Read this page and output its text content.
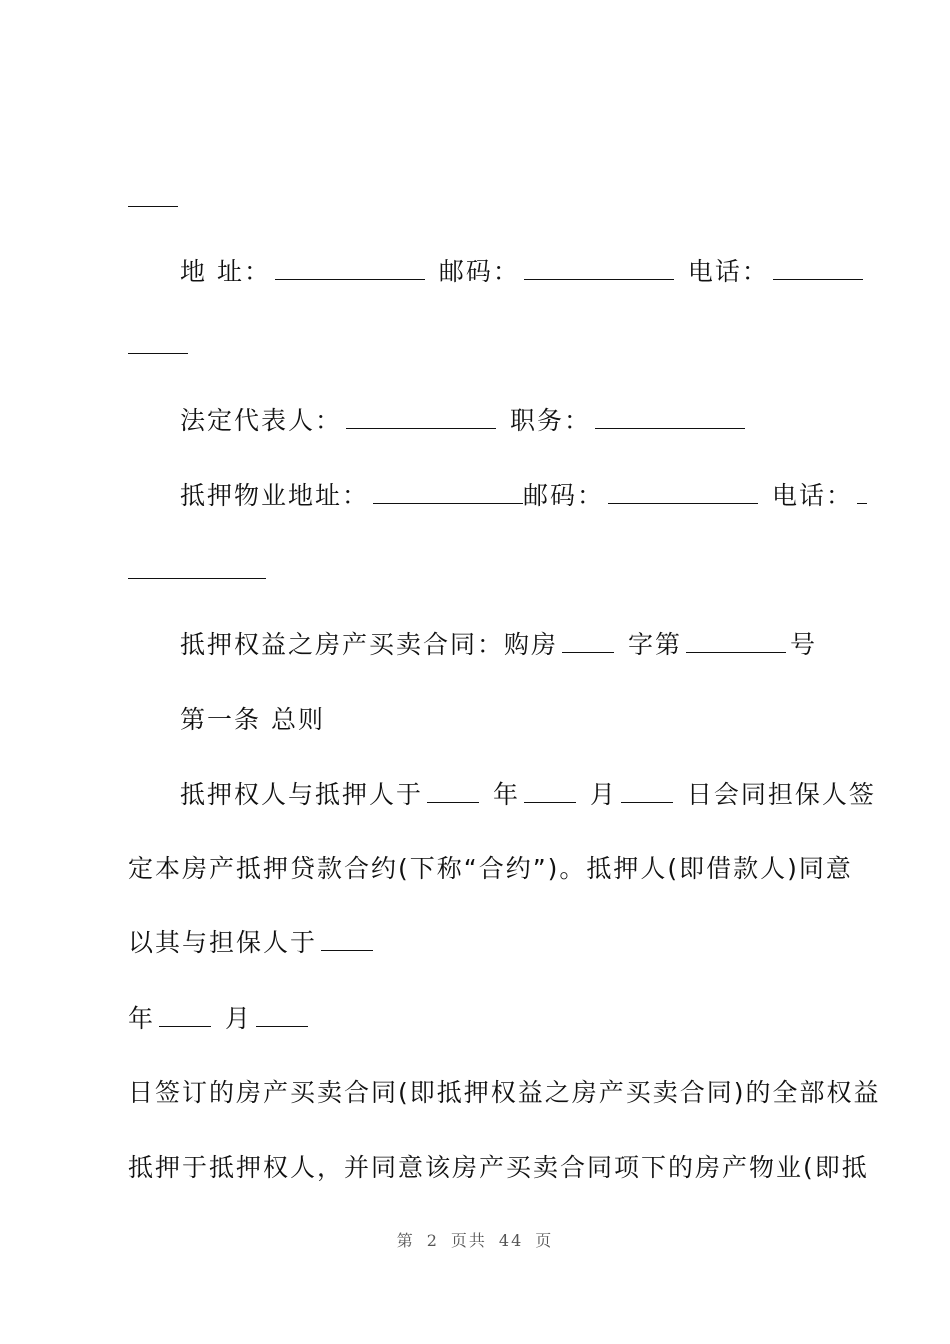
地 址：	邮码：	电话：
法定代表人：	职务：
抵押物业地址：	邮码：	电话：
抵押权益之房产买卖合同：购房	字第	号
第一条 总则
抵押权人与抵押人于	年	月	日会同担保人签
定本房产抵押贷款合约(下称“合约”)。抵押人(即借款人)同意
以其与担保人于
年	月
日签订的房产买卖合同(即抵押权益之房产买卖合同)的全部权益
抵押于抵押权人，并同意该房产买卖合同项下的房产物业(即抵
第 2 页共 44 页
